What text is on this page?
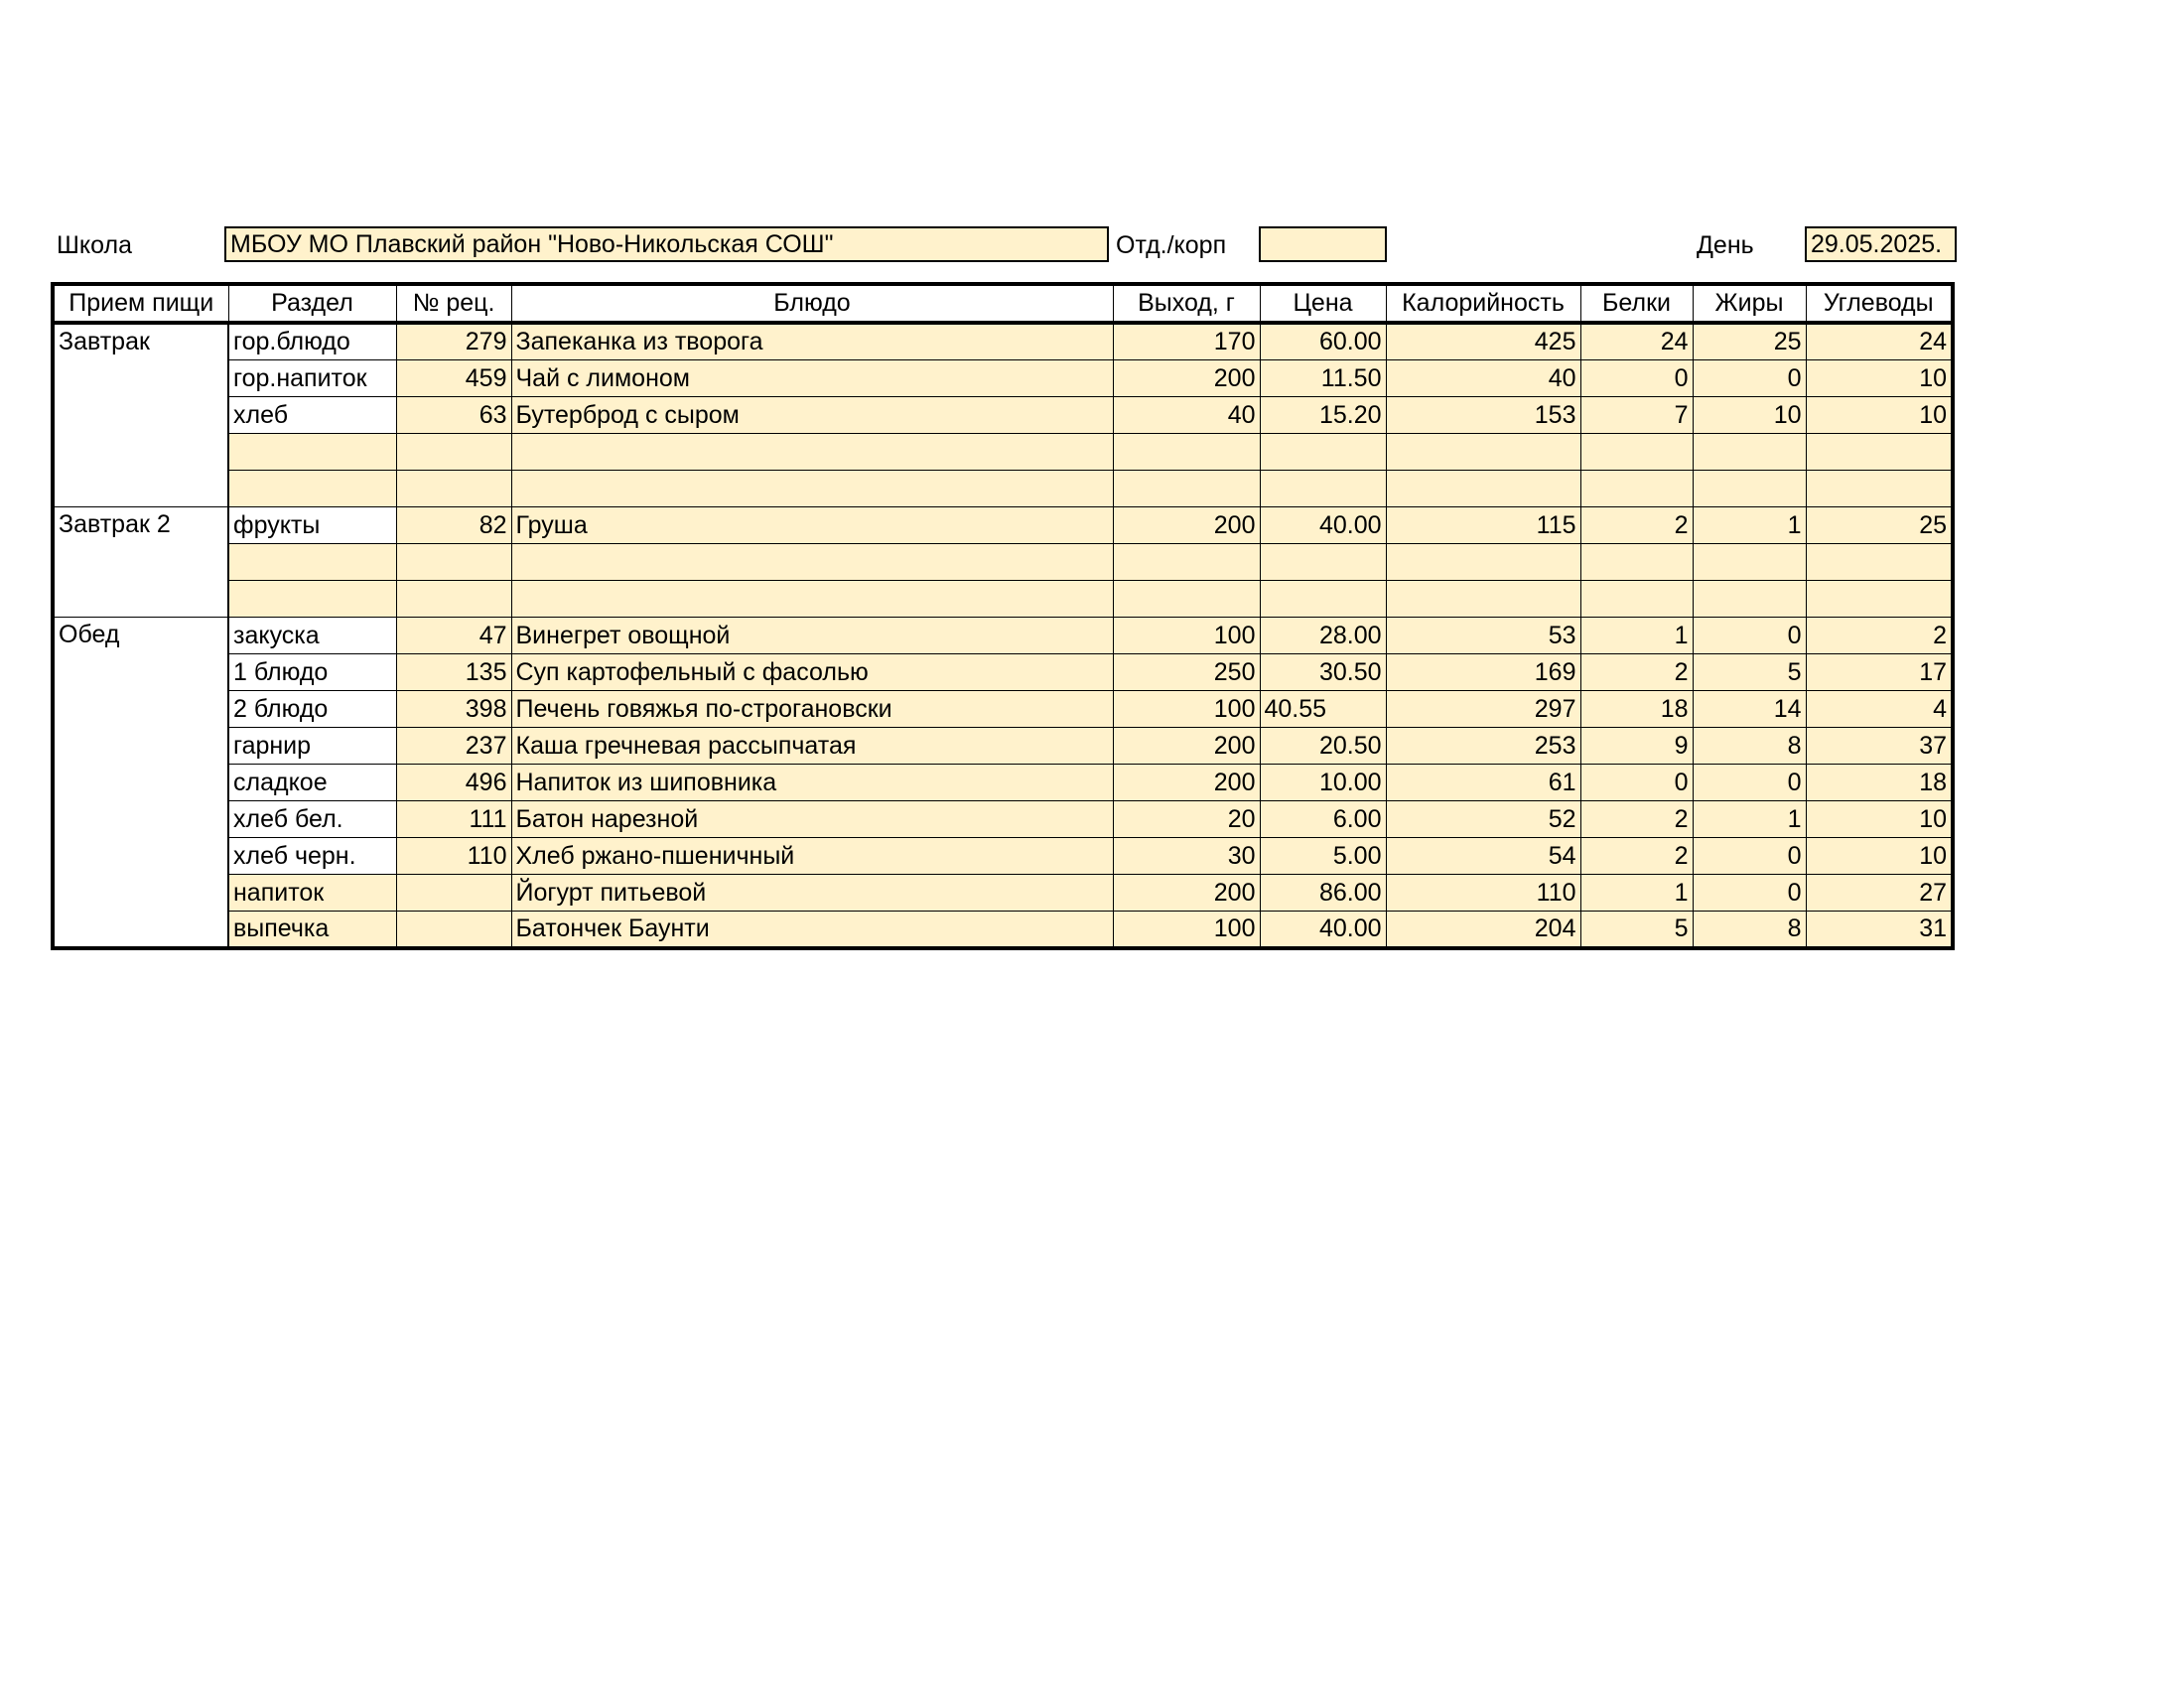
Школа	МБОУ МО Плавский район "Ново-Никольская СОШ"	Отд./корп	День 29.05.2025.
Прием пищи	Раздел	№ рец.	Блюдо	Выход, г	Цена	Калорийность	Белки	Жиры	Углеводы
Завтрак	гор.блюдо	279	Запеканка из творога	170	60.00	425	24	25	24
	гор.напиток	459	Чай с лимоном	200	11.50	40	0	0	10
	хлеб	63	Бутерброд с сыром	40	15.20	153	7	10	10

Завтрак 2	фрукты	82	Груша	200	40.00	115	2	1	25

Обед	закуска	47	Винегрет овощной	100	28.00	53	1	0	2
	1 блюдо	135	Суп картофельный с фасолью	250	30.50	169	2	5	17
	2 блюдо	398	Печень говяжья по-строгановски	100	40.55	297	18	14	4
	гарнир	237	Каша гречневая рассыпчатая	200	20.50	253	9	8	37
	сладкое	496	Напиток из шиповника	200	10.00	61	0	0	18
	хлеб бел.	111	Батон нарезной	20	6.00	52	2	1	10
	хлеб черн.	110	Хлеб ржано-пшеничный	30	5.00	54	2	0	10
	напиток		Йогурт питьевой	200	86.00	110	1	0	27
	выпечка		Батончек Баунти	100	40.00	204	5	8	31
